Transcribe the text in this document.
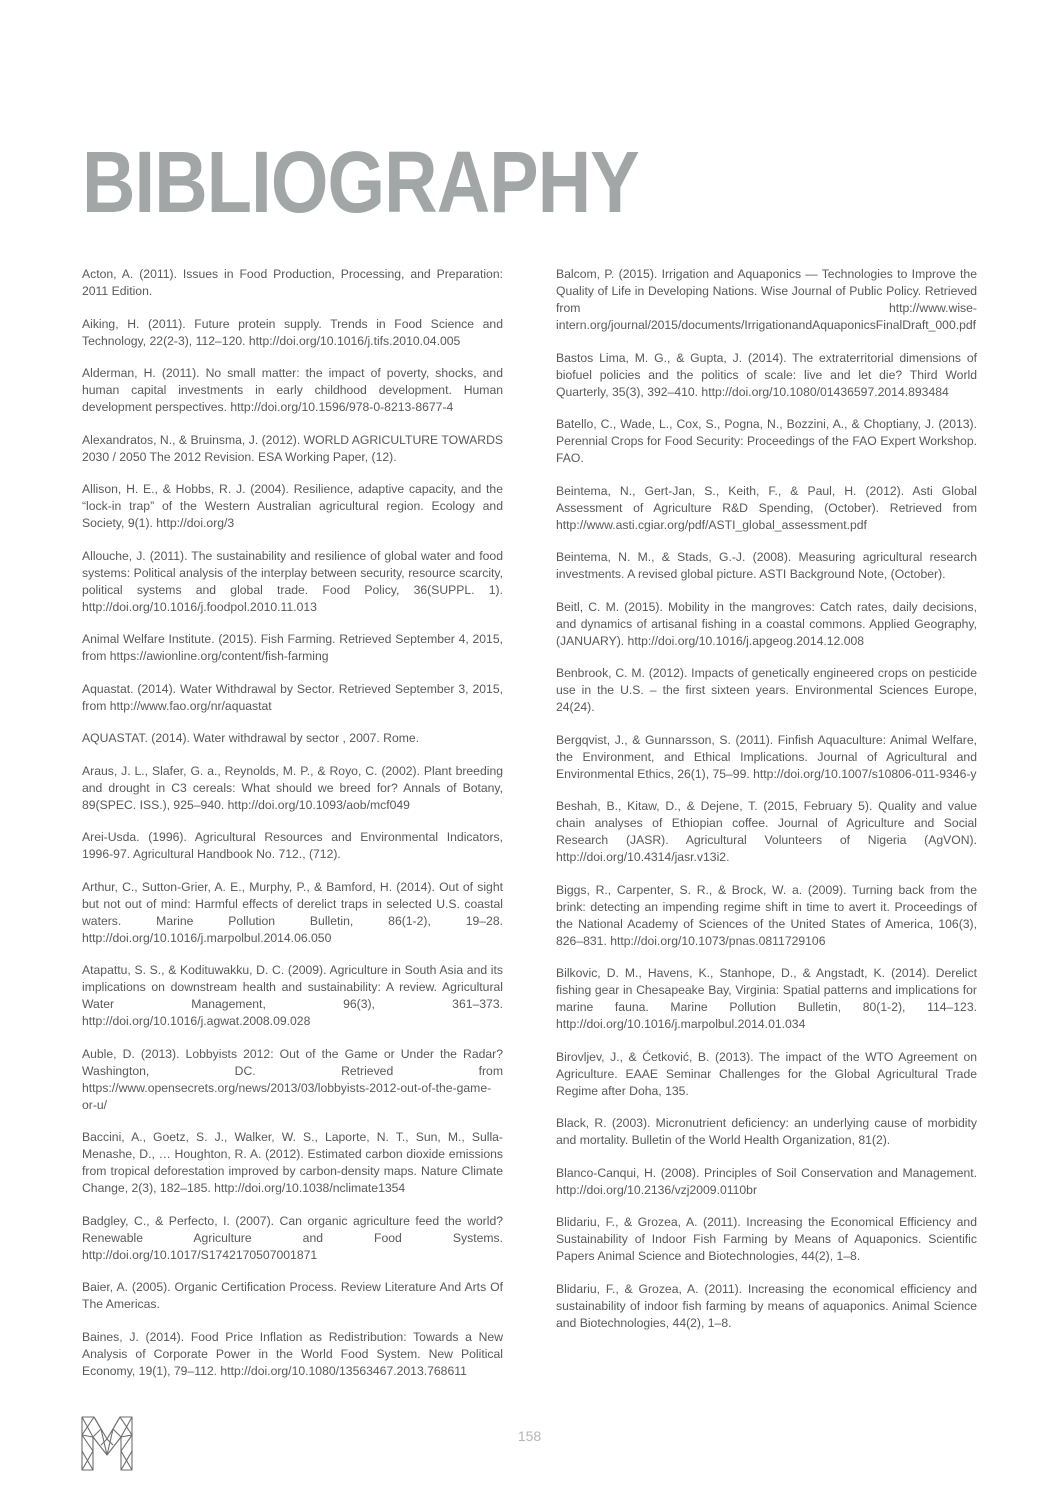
BIBLIOGRAPHY

Acton, A. (2011). Issues in Food Production, Processing, and Preparation: 2011 Edition.

Aiking, H. (2011). Future protein supply. Trends in Food Science and Technology, 22(2-3), 112–120. http://doi.org/10.1016/j.tifs.2010.04.005

Alderman, H. (2011). No small matter: the impact of poverty, shocks, and human capital investments in early childhood development. Human development perspectives. http://doi.org/10.1596/978-0-8213-8677-4

Alexandratos, N., & Bruinsma, J. (2012). WORLD AGRICULTURE TOWARDS 2030 / 2050 The 2012 Revision. ESA Working Paper, (12).

Allison, H. E., & Hobbs, R. J. (2004). Resilience, adaptive capacity, and the “lock-in trap” of the Western Australian agricultural region. Ecology and Society, 9(1). http://doi.org/3

Allouche, J. (2011). The sustainability and resilience of global water and food systems: Political analysis of the interplay between security, resource scarcity, political systems and global trade. Food Policy, 36(SUPPL. 1). http://doi.org/10.1016/j.foodpol.2010.11.013

Animal Welfare Institute. (2015). Fish Farming. Retrieved September 4, 2015, from https://awionline.org/content/fish-farming

Aquastat. (2014). Water Withdrawal by Sector. Retrieved September 3, 2015, from http://www.fao.org/nr/aquastat

AQUASTAT. (2014). Water withdrawal by sector , 2007. Rome.

Araus, J. L., Slafer, G. a., Reynolds, M. P., & Royo, C. (2002). Plant breeding and drought in C3 cereals: What should we breed for? Annals of Botany, 89(SPEC. ISS.), 925–940. http://doi.org/10.1093/aob/mcf049

Arei-Usda. (1996). Agricultural Resources and Environmental Indicators, 1996-97. Agricultural Handbook No. 712., (712).

Arthur, C., Sutton-Grier, A. E., Murphy, P., & Bamford, H. (2014). Out of sight but not out of mind: Harmful effects of derelict traps in selected U.S. coastal waters. Marine Pollution Bulletin, 86(1-2), 19–28. http://doi.org/10.1016/j.marpolbul.2014.06.050

Atapattu, S. S., & Kodituwakku, D. C. (2009). Agriculture in South Asia and its implications on downstream health and sustainability: A review. Agricultural Water Management, 96(3), 361–373. http://doi.org/10.1016/j.agwat.2008.09.028

Auble, D. (2013). Lobbyists 2012: Out of the Game or Under the Radar? Washington, DC. Retrieved from https://www.opensecrets.org/news/2013/03/lobbyists-2012-out-of-the-game-or-u/

Baccini, A., Goetz, S. J., Walker, W. S., Laporte, N. T., Sun, M., Sulla-Menashe, D., … Houghton, R. A. (2012). Estimated carbon dioxide emissions from tropical deforestation improved by carbon-density maps. Nature Climate Change, 2(3), 182–185. http://doi.org/10.1038/nclimate1354

Badgley, C., & Perfecto, I. (2007). Can organic agriculture feed the world? Renewable Agriculture and Food Systems. http://doi.org/10.1017/S1742170507001871

Baier, A. (2005). Organic Certification Process. Review Literature And Arts Of The Americas.

Baines, J. (2014). Food Price Inflation as Redistribution: Towards a New Analysis of Corporate Power in the World Food System. New Political Economy, 19(1), 79–112. http://doi.org/10.1080/13563467.2013.768611

Balcom, P. (2015). Irrigation and Aquaponics — Technologies to Improve the Quality of Life in Developing Nations. Wise Journal of Public Policy. Retrieved from http://www.wise-intern.org/journal/2015/documents/IrrigationandAquaponicsFinalDraft_000.pdf

Bastos Lima, M. G., & Gupta, J. (2014). The extraterritorial dimensions of biofuel policies and the politics of scale: live and let die? Third World Quarterly, 35(3), 392–410. http://doi.org/10.1080/01436597.2014.893484

Batello, C., Wade, L., Cox, S., Pogna, N., Bozzini, A., & Choptiany, J. (2013). Perennial Crops for Food Security: Proceedings of the FAO Expert Workshop. FAO.

Beintema, N., Gert-Jan, S., Keith, F., & Paul, H. (2012). Asti Global Assessment of Agriculture R&D Spending, (October). Retrieved from http://www.asti.cgiar.org/pdf/ASTI_global_assessment.pdf

Beintema, N. M., & Stads, G.-J. (2008). Measuring agricultural research investments. A revised global picture. ASTI Background Note, (October).

Beitl, C. M. (2015). Mobility in the mangroves: Catch rates, daily decisions, and dynamics of artisanal fishing in a coastal commons. Applied Geography, (JANUARY). http://doi.org/10.1016/j.apgeog.2014.12.008

Benbrook, C. M. (2012). Impacts of genetically engineered crops on pesticide use in the U.S. – the first sixteen years. Environmental Sciences Europe, 24(24).

Bergqvist, J., & Gunnarsson, S. (2011). Finfish Aquaculture: Animal Welfare, the Environment, and Ethical Implications. Journal of Agricultural and Environmental Ethics, 26(1), 75–99. http://doi.org/10.1007/s10806-011-9346-y

Beshah, B., Kitaw, D., & Dejene, T. (2015, February 5). Quality and value chain analyses of Ethiopian coffee. Journal of Agriculture and Social Research (JASR). Agricultural Volunteers of Nigeria (AgVON). http://doi.org/10.4314/jasr.v13i2.

Biggs, R., Carpenter, S. R., & Brock, W. a. (2009). Turning back from the brink: detecting an impending regime shift in time to avert it. Proceedings of the National Academy of Sciences of the United States of America, 106(3), 826–831. http://doi.org/10.1073/pnas.0811729106

Bilkovic, D. M., Havens, K., Stanhope, D., & Angstadt, K. (2014). Derelict fishing gear in Chesapeake Bay, Virginia: Spatial patterns and implications for marine fauna. Marine Pollution Bulletin, 80(1-2), 114–123. http://doi.org/10.1016/j.marpolbul.2014.01.034

Birovljev, J., & Ćetković, B. (2013). The impact of the WTO Agreement on Agriculture. EAAE Seminar Challenges for the Global Agricultural Trade Regime after Doha, 135.

Black, R. (2003). Micronutrient deficiency: an underlying cause of morbidity and mortality. Bulletin of the World Health Organization, 81(2).

Blanco-Canqui, H. (2008). Principles of Soil Conservation and Management. http://doi.org/10.2136/vzj2009.0110br

Blidariu, F., & Grozea, A. (2011). Increasing the Economical Efficiency and Sustainability of Indoor Fish Farming by Means of Aquaponics. Scientific Papers Animal Science and Biotechnologies, 44(2), 1–8.

Blidariu, F., & Grozea, A. (2011). Increasing the economical efficiency and sustainability of indoor fish farming by means of aquaponics. Animal Science and Biotechnologies, 44(2), 1–8.

158
